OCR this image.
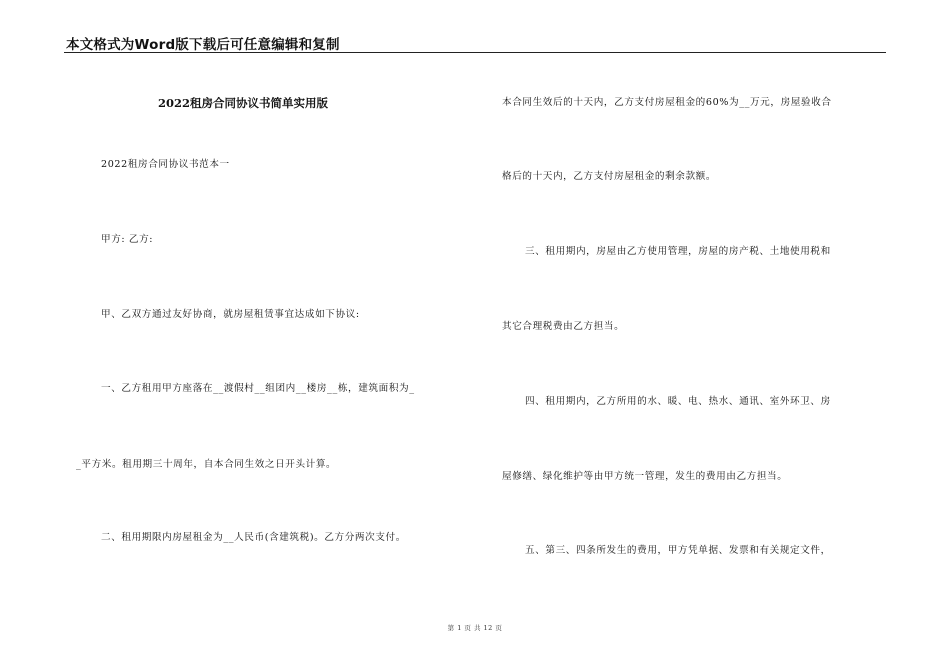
本文格式为Word版下载后可任意编辑和复制
2022租房合同协议书简单实用版
2022租房合同协议书范本一
甲方: 乙方:
甲、乙双方通过友好协商，就房屋租赁事宜达成如下协议:
一、乙方租用甲方座落在__渡假村__组团内__楼房__栋，建筑面积为_
_平方米。租用期三十周年，自本合同生效之日开头计算。
二、租用期限内房屋租金为__人民币(含建筑税)。乙方分两次支付。
本合同生效后的十天内，乙方支付房屋租金的60%为__万元，房屋验收合
格后的十天内，乙方支付房屋租金的剩余款额。
三、租用期内，房屋由乙方使用管理，房屋的房产税、土地使用税和
其它合理税费由乙方担当。
四、租用期内，乙方所用的水、暖、电、热水、通讯、室外环卫、房
屋修缮、绿化维护等由甲方统一管理，发生的费用由乙方担当。
五、第三、四条所发生的费用，甲方凭单据、发票和有关规定文件，
第 1 页 共 12 页
